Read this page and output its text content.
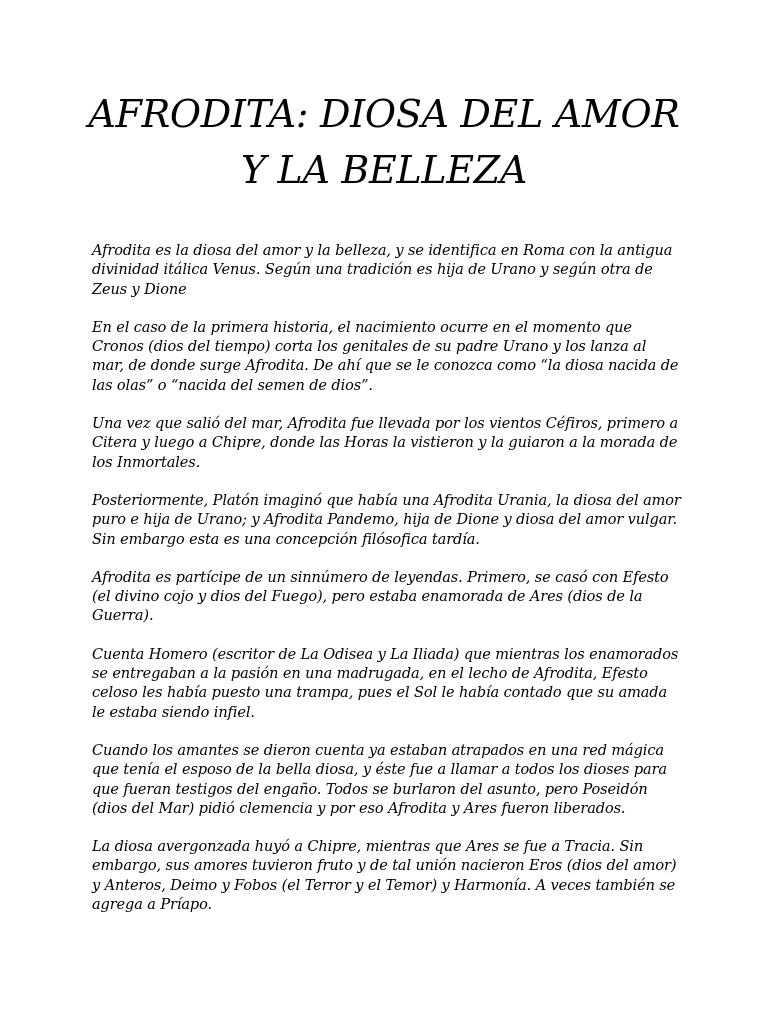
AFRODITA: DIOSA DEL AMOR Y LA BELLEZA

Afrodita es la diosa del amor y la belleza, y se identifica en Roma con la antigua divinidad itálica Venus. Según una tradición es hija de Urano y según otra de Zeus y Dione

En el caso de la primera historia, el nacimiento ocurre en el momento que Cronos (dios del tiempo) corta los genitales de su padre Urano y los lanza al mar, de donde surge Afrodita. De ahí que se le conozca como “la diosa nacida de las olas” o “nacida del semen de dios”.

Una vez que salió del mar, Afrodita fue llevada por los vientos Céfiros, primero a Citera y luego a Chipre, donde las Horas la vistieron y la guiaron a la morada de los Inmortales.

Posteriormente, Platón imaginó que había una Afrodita Urania, la diosa del amor puro e hija de Urano; y Afrodita Pandemo, hija de Dione y diosa del amor vulgar. Sin embargo esta es una concepción filósofica tardía.

Afrodita es partícipe de un sinnúmero de leyendas. Primero, se casó con Efesto (el divino cojo y dios del Fuego), pero estaba enamorada de Ares (dios de la Guerra).

Cuenta Homero (escritor de La Odisea y La Iliada) que mientras los enamorados se entregaban a la pasión en una madrugada, en el lecho de Afrodita, Efesto celoso les había puesto una trampa, pues el Sol le había contado que su amada le estaba siendo infiel.

Cuando los amantes se dieron cuenta ya estaban atrapados en una red mágica que tenía el esposo de la bella diosa, y éste fue a llamar a todos los dioses para que fueran testigos del engaño. Todos se burlaron del asunto, pero Poseidón (dios del Mar) pidió clemencia y por eso Afrodita y Ares fueron liberados.

La diosa avergonzada huyó a Chipre, mientras que Ares se fue a Tracia. Sin embargo, sus amores tuvieron fruto y de tal unión nacieron Eros (dios del amor) y Anteros, Deimo y Fobos (el Terror y el Temor) y Harmonía. A veces también se agrega a Príapo.
